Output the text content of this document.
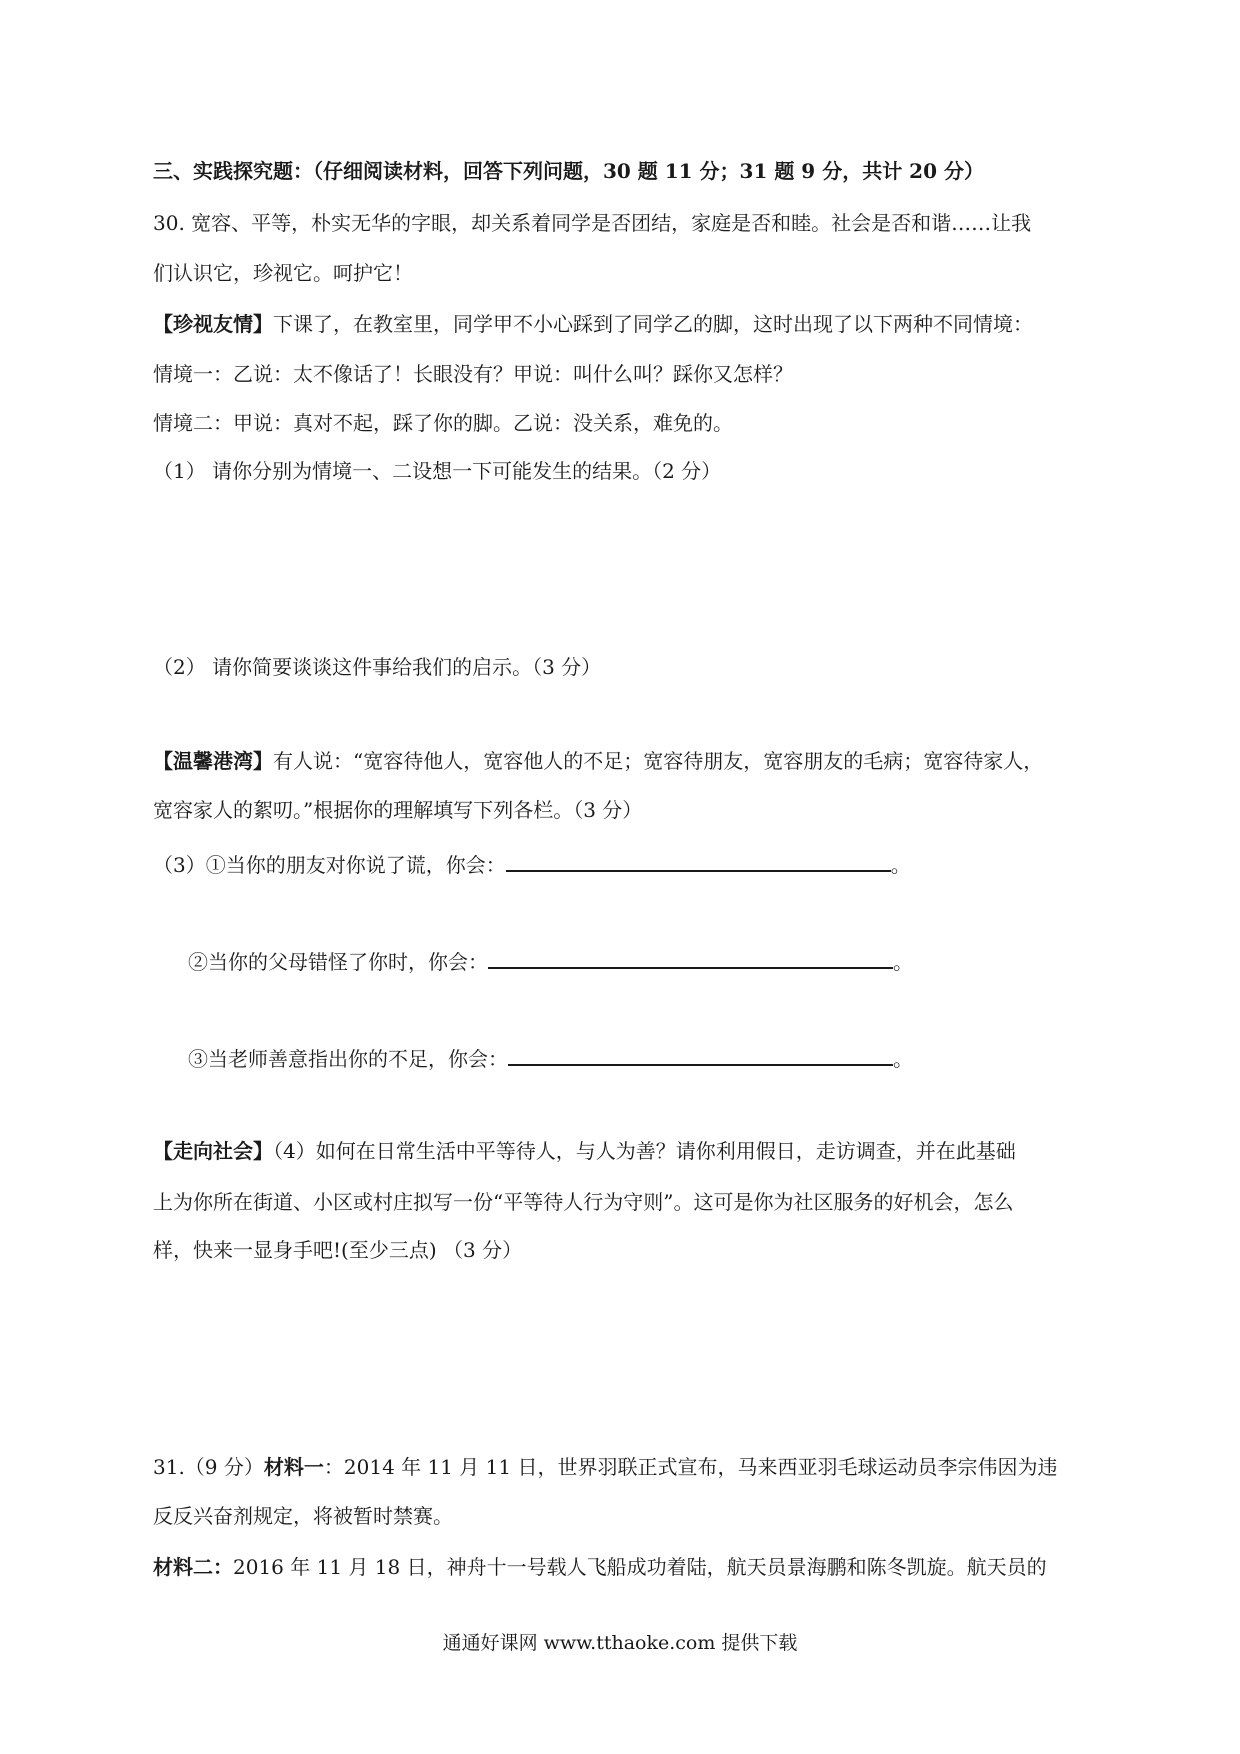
三、实践探究题：（仔细阅读材料，回答下列问题，30 题 11 分；31 题 9 分，共计 20 分）
30. 宽容、平等，朴实无华的字眼，却关系着同学是否团结，家庭是否和睦。社会是否和谐……让我
们认识它，珍视它。呵护它！
【珍视友情】下课了，在教室里，同学甲不小心踩到了同学乙的脚，这时出现了以下两种不同情境：
情境一：乙说：太不像话了！长眼没有？甲说：叫什么叫？踩你又怎样？
情境二：甲说：真对不起，踩了你的脚。乙说：没关系，难免的。
（1） 请你分别为情境一、二设想一下可能发生的结果。（2 分）
（2） 请你简要谈谈这件事给我们的启示。（3 分）
【温馨港湾】有人说：“宽容待他人，宽容他人的不足；宽容待朋友，宽容朋友的毛病；宽容待家人，
宽容家人的絮叨。”根据你的理解填写下列各栏。（3 分）
（3）①当你的朋友对你说了谎，你会：	。
②当你的父母错怪了你时，你会：	。
③当老师善意指出你的不足，你会：	。
【走向社会】（4）如何在日常生活中平等待人，与人为善？请你利用假日，走访调查，并在此基础
上为你所在街道、小区或村庄拟写一份“平等待人行为守则”。这可是你为社区服务的好机会，怎么
样，快来一显身手吧!(至少三点) （3 分）
31.（9 分）材料一：2014 年 11 月 11 日，世界羽联正式宣布，马来西亚羽毛球运动员李宗伟因为违
反反兴奋剂规定，将被暂时禁赛。
材料二：2016 年 11 月 18 日，神舟十一号载人飞船成功着陆，航天员景海鹏和陈冬凯旋。航天员的
通通好课网 www.tthaoke.com 提供下载
